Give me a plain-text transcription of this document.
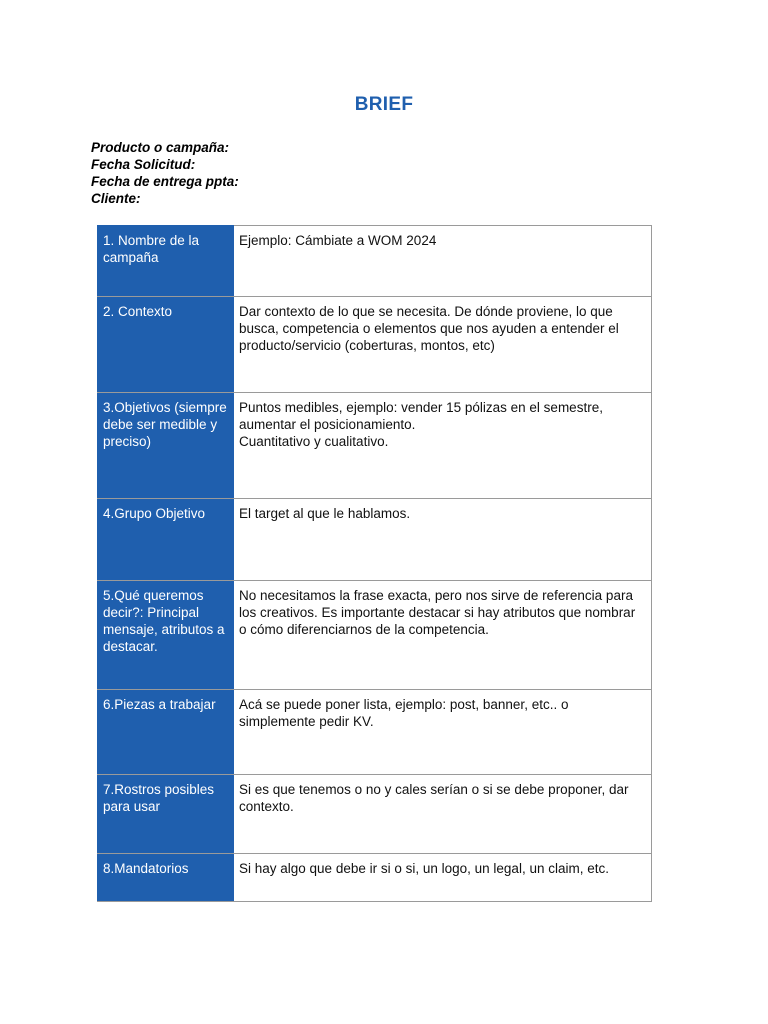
BRIEF
Producto o campaña:
Fecha Solicitud:
Fecha de entrega ppta:
Cliente:
1. Nombre de la campaña	Ejemplo: Cámbiate a WOM 2024

2. Contexto	Dar contexto de lo que se necesita. De dónde proviene, lo que busca, competencia o elementos que nos ayuden a entender el producto/servicio (coberturas, montos, etc)

3.Objetivos (siempre debe ser medible y preciso)	Puntos medibles, ejemplo: vender 15 pólizas en el semestre, aumentar el posicionamiento.
Cuantitativo y cualitativo.

4.Grupo Objetivo	El target al que le hablamos.

5.Qué queremos decir?: Principal mensaje, atributos a destacar.	No necesitamos la frase exacta, pero nos sirve de referencia para los creativos. Es importante destacar si hay atributos que nombrar o cómo diferenciarnos de la competencia.

6.Piezas a trabajar	Acá se puede poner lista, ejemplo: post, banner, etc.. o simplemente pedir KV.

7.Rostros posibles para usar	Si es que tenemos o no y cales serían o si se debe proponer, dar contexto.

8.Mandatorios	Si hay algo que debe ir si o si, un logo, un legal, un claim, etc.
